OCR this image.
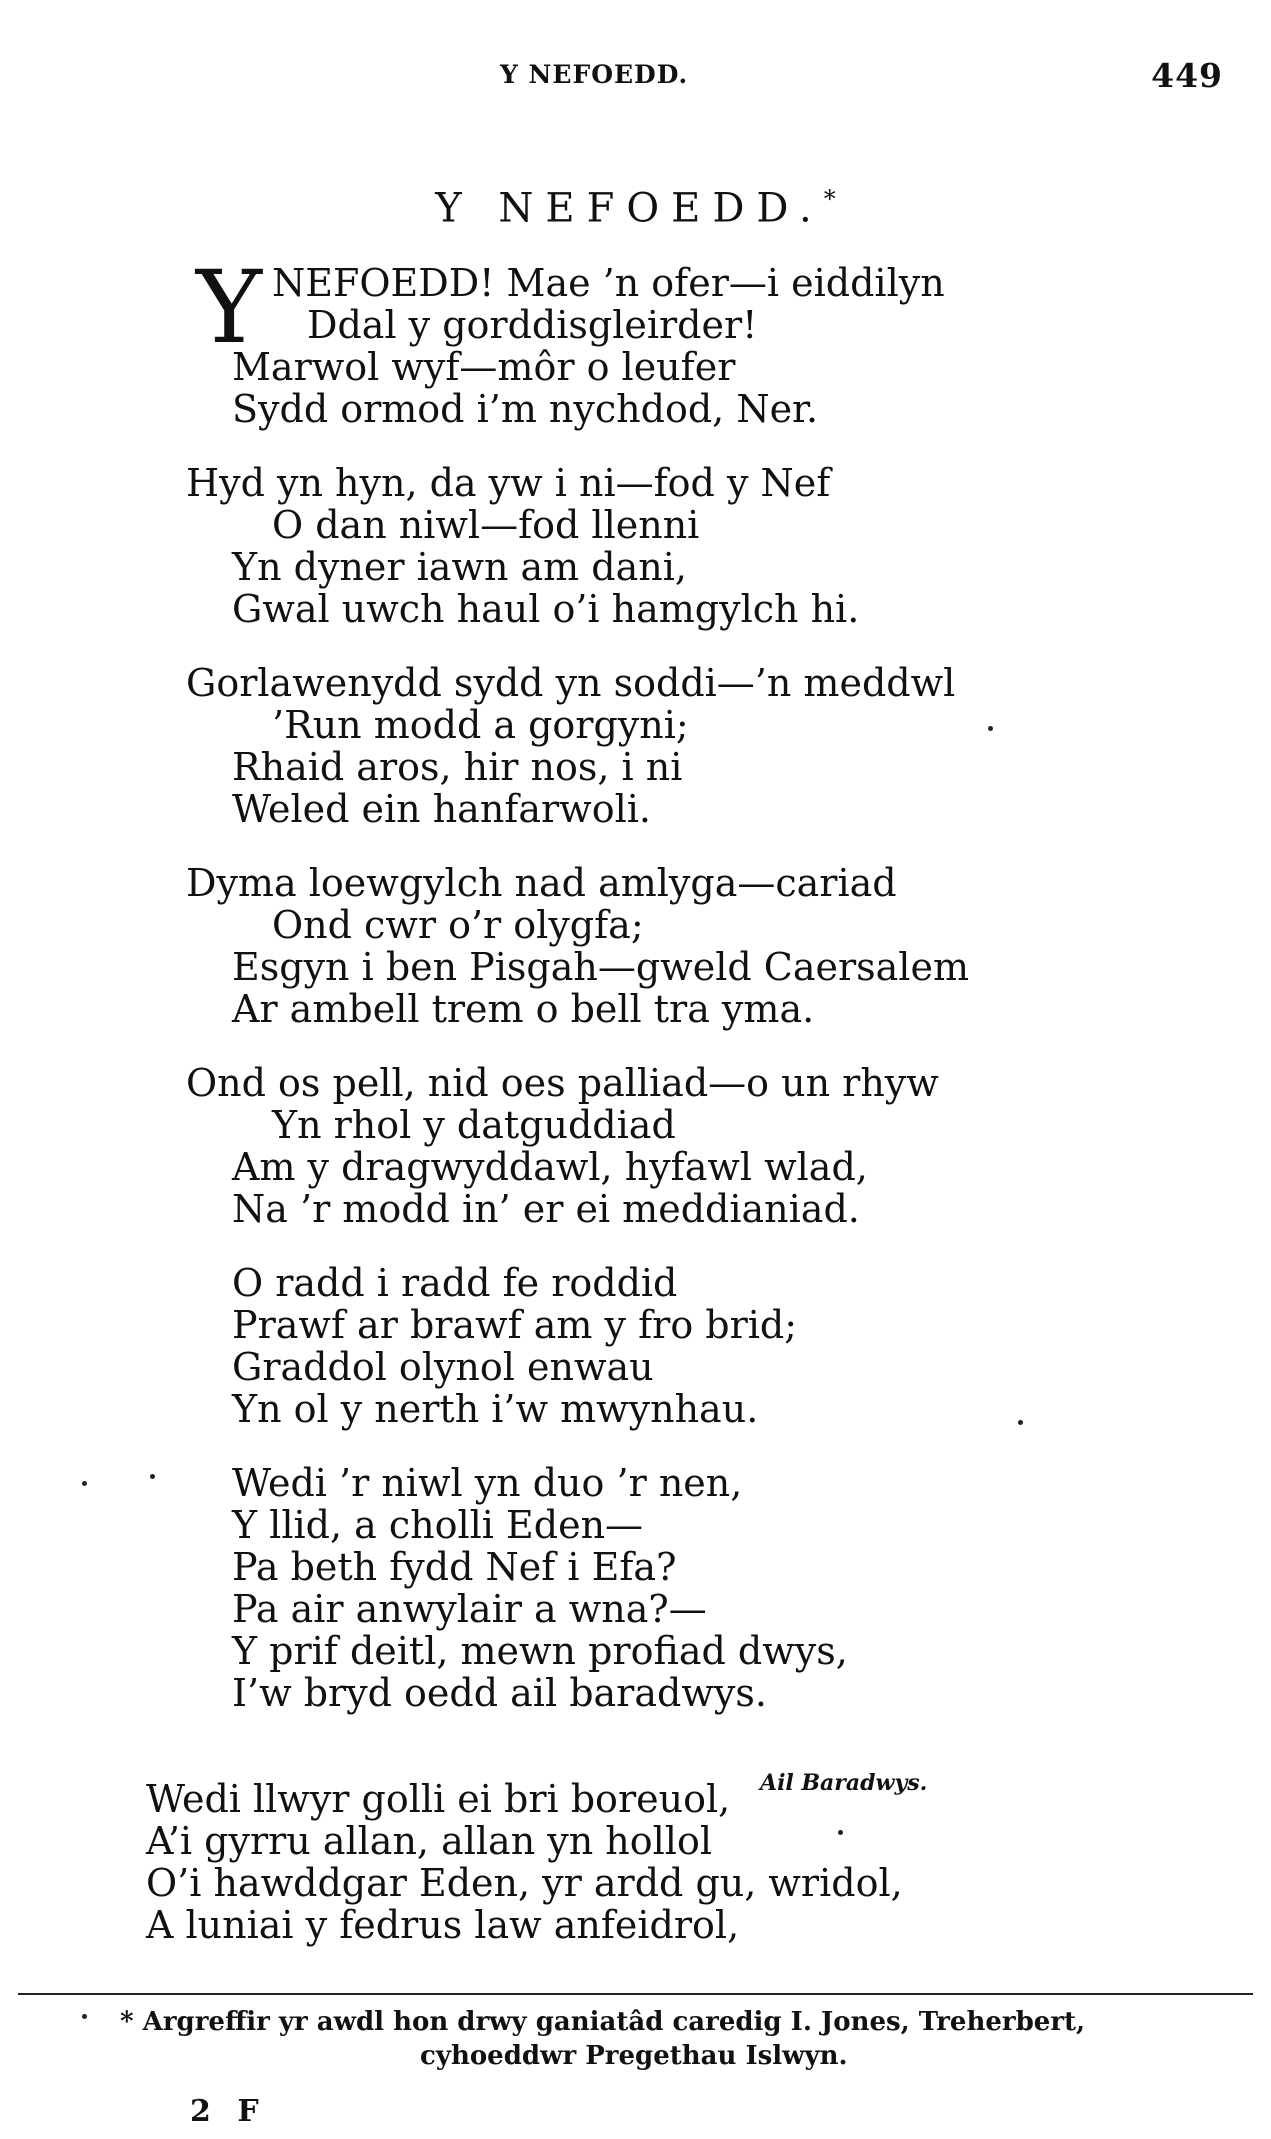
Y NEFOEDD.	449
Y NEFOEDD.*
Y NEFOEDD! Mae ’n ofer—i eiddilyn
Ddal y gorddisgleirder!
Marwol wyf—môr o leufer
Sydd ormod i’m nychdod, Ner.
Hyd yn hyn, da yw i ni—fod y Nef
O dan niwl—fod llenni
Yn dyner iawn am dani,
Gwal uwch haul o’i hamgylch hi.
Gorlawenydd sydd yn soddi—’n meddwl
’Run modd a gorgyni;
Rhaid aros, hir nos, i ni
Weled ein hanfarwoli.
Dyma loewgylch nad amlyga—cariad
Ond cwr o’r olygfa;
Esgyn i ben Pisgah—gweld Caersalem
Ar ambell trem o bell tra yma.
Ond os pell, nid oes palliad—o un rhyw
Yn rhol y datguddiad
Am y dragwyddawl, hyfawl wlad,
Na ’r modd in’ er ei meddianiad.
O radd i radd fe roddid
Prawf ar brawf am y fro brid;
Graddol olynol enwau
Yn ol y nerth i’w mwynhau.
Wedi ’r niwl yn duo ’r nen,
Y llid, a cholli Eden—
Pa beth fydd Nef i Efa?
Pa air anwylair a wna?—
Y prif deitl, mewn profiad dwys,
I’w bryd oedd ail baradwys.
Ail Baradwys.
Wedi llwyr golli ei bri boreuol,
A’i gyrru allan, allan yn hollol
O’i hawddgar Eden, yr ardd gu, wridol,
A luniai y fedrus law anfeidrol,
* Argreffir yr awdl hon drwy ganiatâd caredig I. Jones, Treherbert,
cyhoeddwr Pregethau Islwyn.
2 F
